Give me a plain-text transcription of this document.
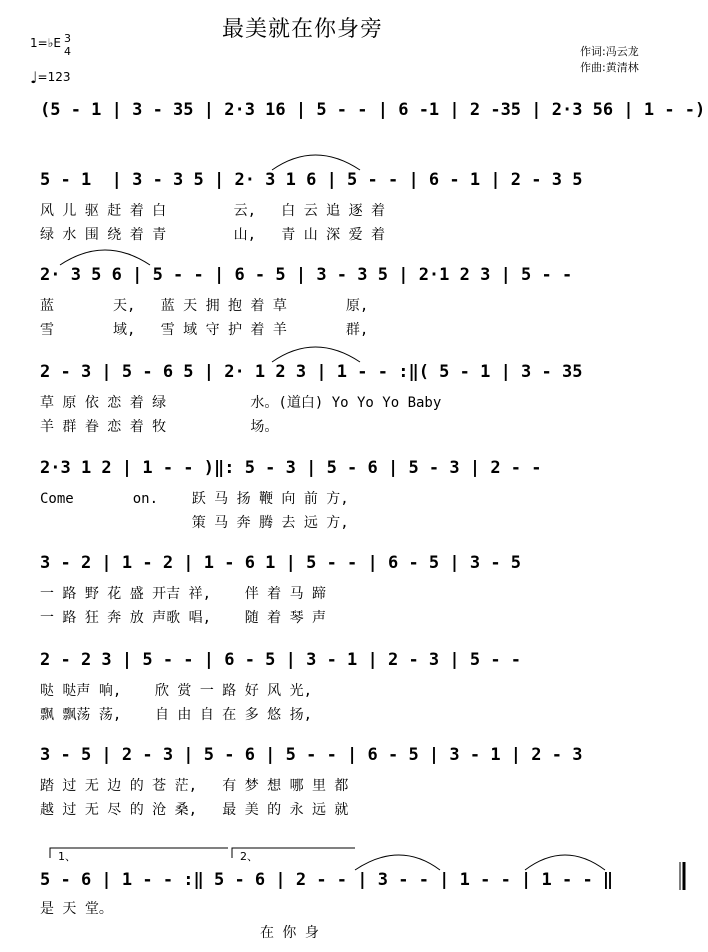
最美就在你身旁
作词:冯云龙
作曲:黄清林
1=♭E 3
4
♩=123
(5 - 1 | 3 - 35 | 2·3 16 | 5 - - | 6 -1 | 2 -35 | 2·3 56 | 1 - -)
5 - 1  | 3 - 3 5 | 2· 3 1 6 | 5 - - | 6 - 1 | 2 - 3 5
风 儿 驱 赶 着 白        云,   白 云 追 逐 着
绿 水 围 绕 着 青        山,   青 山 深 爱 着
2· 3 5 6 | 5 - - | 6 - 5 | 3 - 3 5 | 2·1 2 3 | 5 - -
蓝       天,   蓝 天 拥 抱 着 草       原,
雪       域,   雪 域 守 护 着 羊       群,
2 - 3 | 5 - 6 5 | 2· 1 2 3 | 1 - - :‖( 5 - 1 | 3 - 35
草 原 依 恋 着 绿          水。(道白) Yo Yo Yo Baby
羊 群 眷 恋 着 牧          场。
2·3 1 2 | 1 - - )‖: 5 - 3 | 5 - 6 | 5 - 3 | 2 - -
Come       on.    跃 马 扬 鞭 向 前 方,
策 马 奔 腾 去 远 方,
3 - 2 | 1 - 2 | 1 - 6 1 | 5 - - | 6 - 5 | 3 - 5
一 路 野 花 盛 开吉 祥,    伴 着 马 蹄
一 路 狂 奔 放 声歌 唱,    随 着 琴 声
2 - 2 3 | 5 - - | 6 - 5 | 3 - 1 | 2 - 3 | 5 - -
哒 哒声 响,    欣 赏 一 路 好 风 光,
飘 飘荡 荡,    自 由 自 在 多 悠 扬,
3 - 5 | 2 - 3 | 5 - 6 | 5 - - | 6 - 5 | 3 - 1 | 2 - 3
踏 过 无 边 的 苍 茫,   有 梦 想 哪 里 都
越 过 无 尽 的 沧 桑,   最 美 的 永 远 就
1、	2、
5 - 6 | 1 - - :‖ 5 - 6 | 2 - - | 3 - - | 1 - - | 1 - - ‖
是 天 堂。
在 你 身
